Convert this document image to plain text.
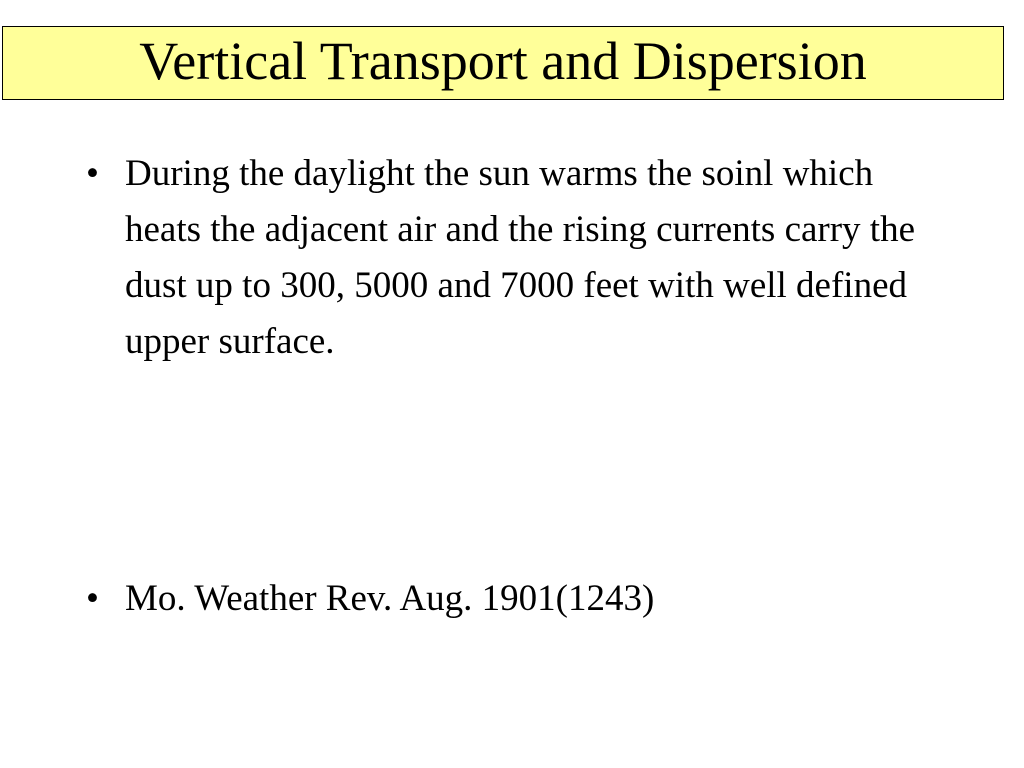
Vertical Transport and Dispersion
• During the daylight the sun warms the soinl which heats the adjacent air and the rising currents carry the dust up to 300, 5000 and 7000 feet with well defined upper surface.
• Mo. Weather Rev. Aug. 1901(1243)
